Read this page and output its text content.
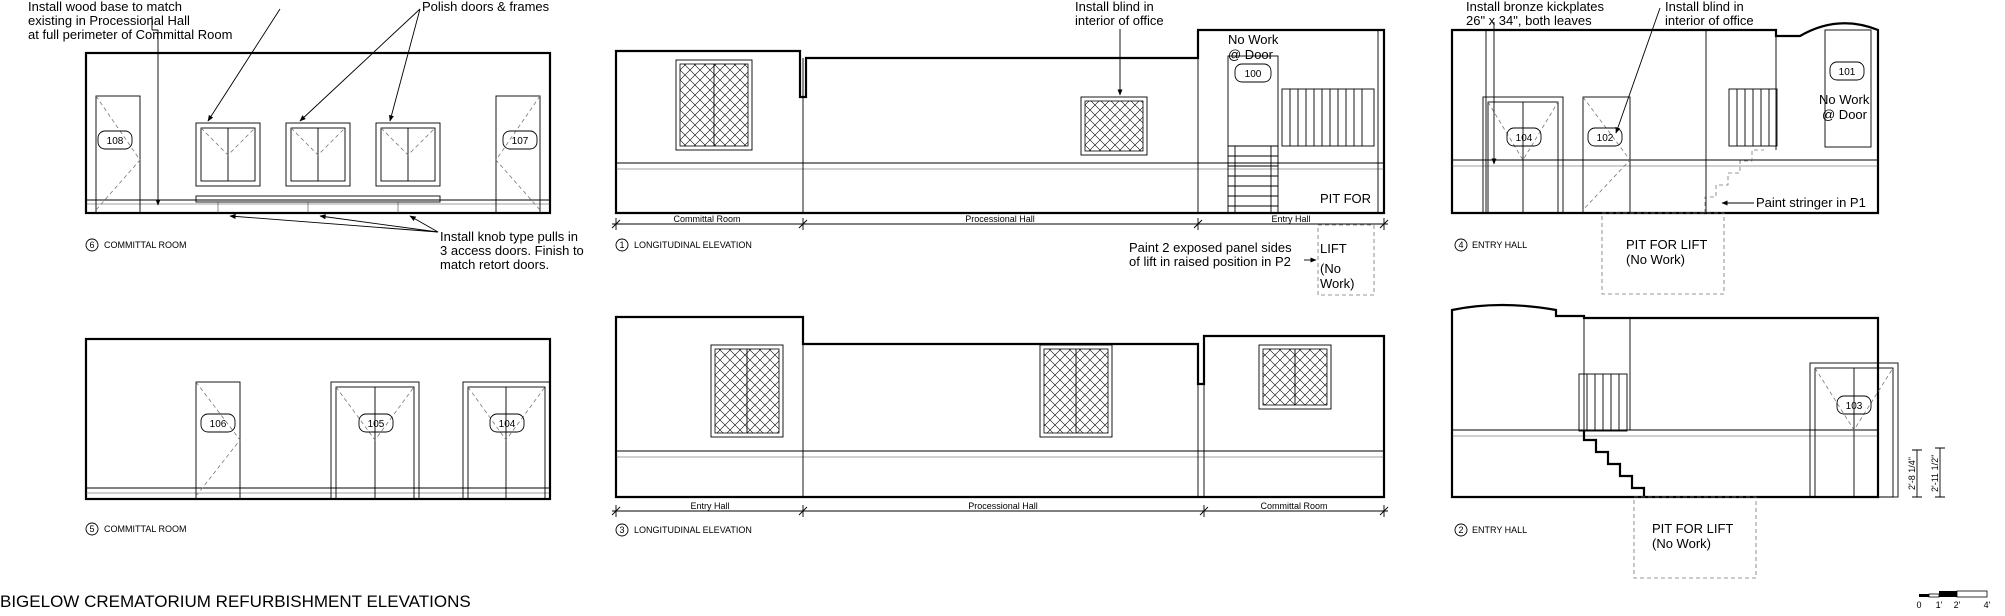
108	107
Install wood base to match
existing in Processional Hall
at full perimeter of Committal Room
Polish doors & frames
Install knob type pulls in
3 access doors. Finish to
match retort doors.
6 COMMITTAL ROOM
100
Committal Room	Processional Hall	Entry Hall
Install blind in
interior of office
No Work
@ Door
Paint 2 exposed panel sides
of lift in raised position in P2
PIT FOR
LIFT
(No
Work)
1 LONGITUDINAL ELEVATION
104	102
101
Install bronze kickplates
26" x 34", both leaves
Install blind in
interior of office
No Work
@ Door
Paint stringer in P1
PIT FOR LIFT
(No Work)
4 ENTRY HALL
106	105	104
5 COMMITTAL ROOM
Entry Hall	Processional Hall	Committal Room
3 LONGITUDINAL ELEVATION
103
PIT FOR LIFT
(No Work)
2'-8 1/4" 2'-11 1/2"
2 ENTRY HALL
BIGELOW CREMATORIUM REFURBISHMENT ELEVATIONS	0 1' 2'	4'
